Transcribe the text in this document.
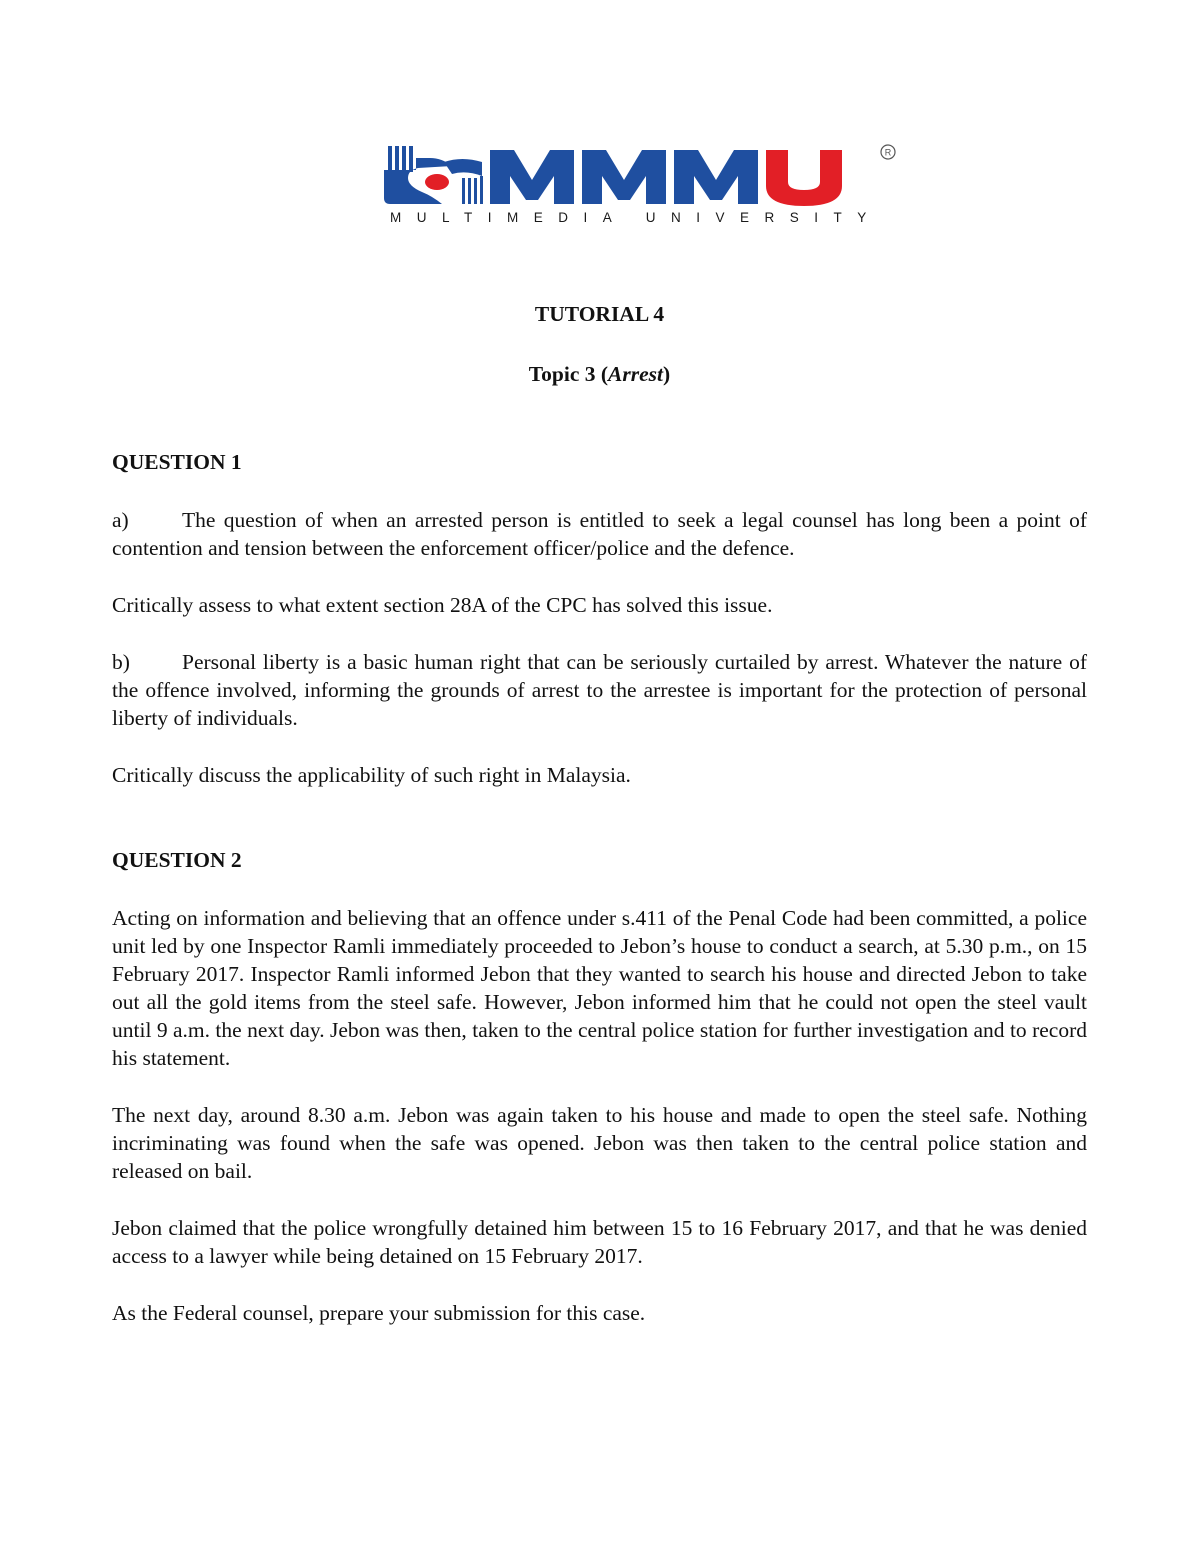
R
MULTIMEDIA UNIVERSITY

TUTORIAL 4

Topic 3 (Arrest)

QUESTION 1

a) The question of when an arrested person is entitled to seek a legal counsel has long been a point of contention and tension between the enforcement officer/police and the defence.

Critically assess to what extent section 28A of the CPC has solved this issue.

b) Personal liberty is a basic human right that can be seriously curtailed by arrest. Whatever the nature of the offence involved, informing the grounds of arrest to the arrestee is important for the protection of personal liberty of individuals.

Critically discuss the applicability of such right in Malaysia.

QUESTION 2

Acting on information and believing that an offence under s.411 of the Penal Code had been committed, a police unit led by one Inspector Ramli immediately proceeded to Jebon’s house to conduct a search, at 5.30 p.m., on 15 February 2017. Inspector Ramli informed Jebon that they wanted to search his house and directed Jebon to take out all the gold items from the steel safe. However, Jebon informed him that he could not open the steel vault until 9 a.m. the next day. Jebon was then, taken to the central police station for further investigation and to record his statement.

The next day, around 8.30 a.m. Jebon was again taken to his house and made to open the steel safe. Nothing incriminating was found when the safe was opened. Jebon was then taken to the central police station and released on bail.

Jebon claimed that the police wrongfully detained him between 15 to 16 February 2017, and that he was denied access to a lawyer while being detained on 15 February 2017.

As the Federal counsel, prepare your submission for this case.
